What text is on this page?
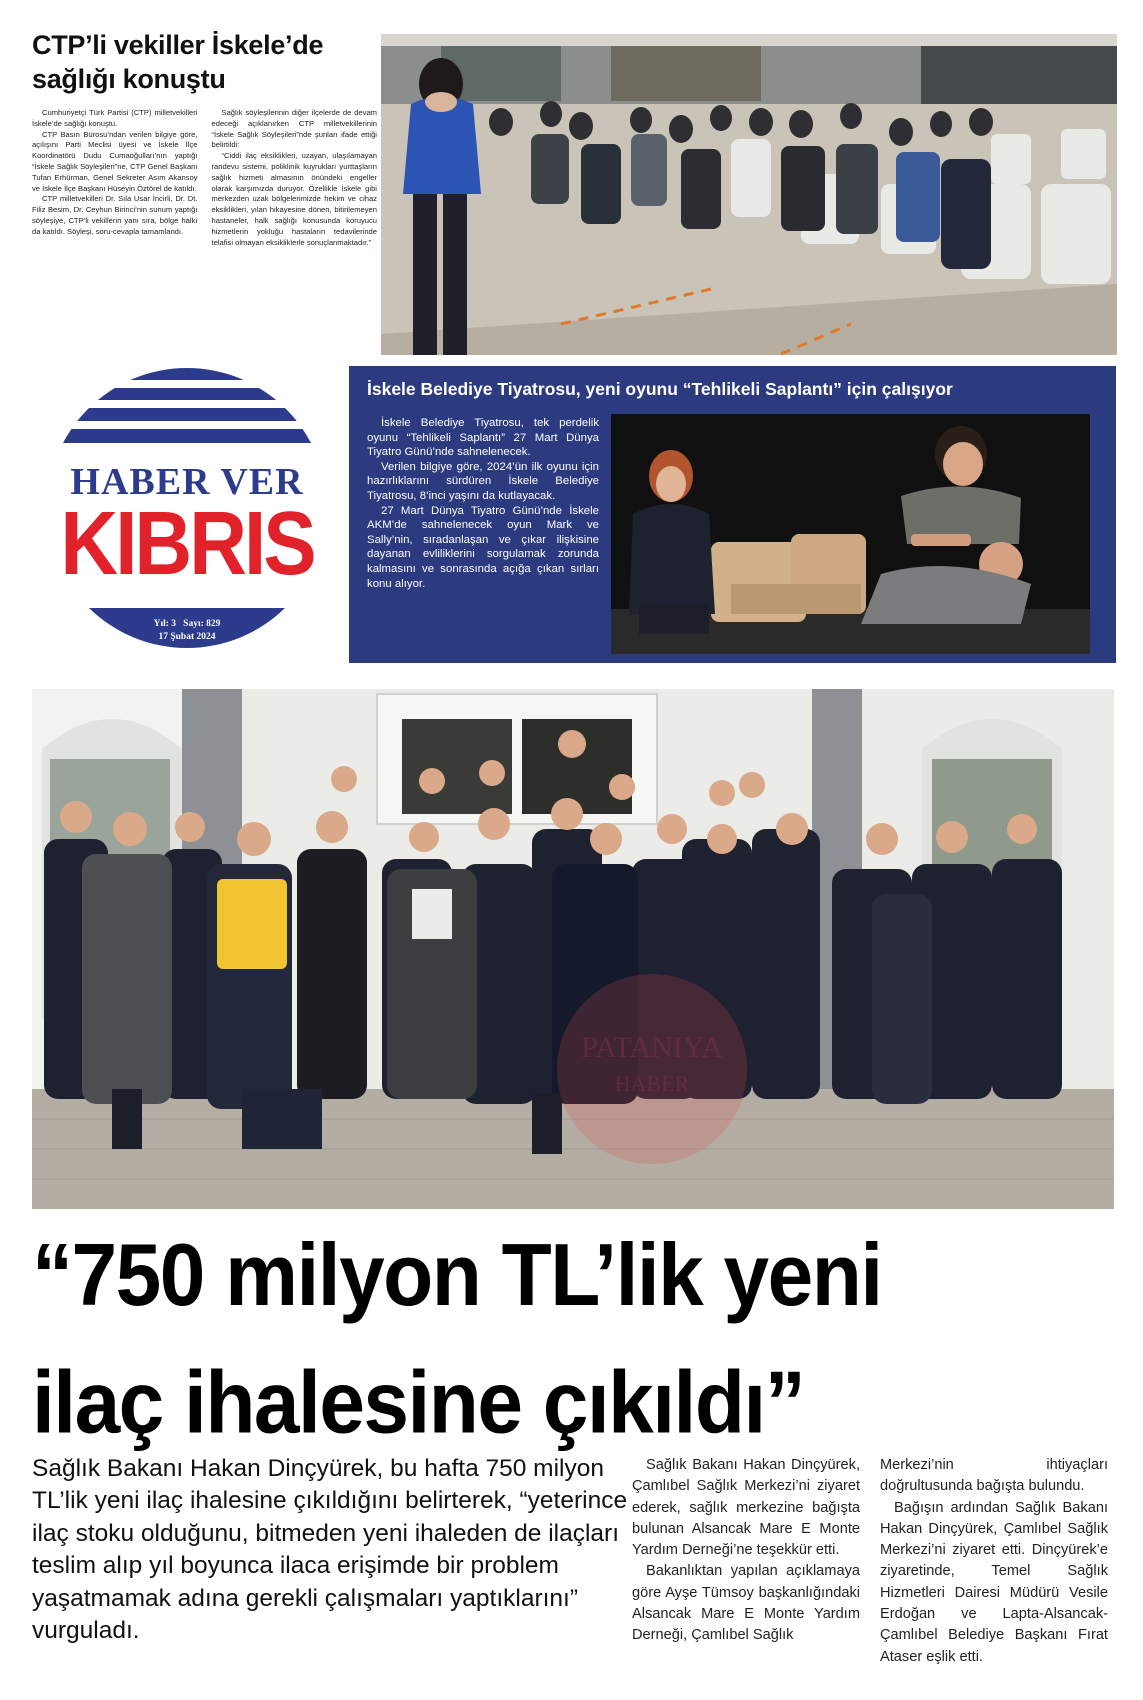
CTP’li vekiller İskele’de sağlığı konuştu

Cumhuriyetçi Türk Partisi (CTP) milletvekilleri İskele’de sağlığı konuştu.

CTP Basın Bürosu’ndan verilen bilgiye göre, açılışını Parti Meclisi üyesi ve İskele İlçe Koordinatörü Dudu Cumaoğulları’nın yaptığı “İskele Sağlık Söyleşileri”ne, CTP Genel Başkanı Tufan Erhürman, Genel Sekreter Asım Akansoy ve İskele İlçe Başkanı Hüseyin Öztörel de katıldı.

CTP milletvekilleri Dr. Sıla Usar İncirli, Dr. Dt. Filiz Besim, Dr. Ceyhun Birinci’nin sunum yaptığı söyleşiye, CTP’li vekillerin yanı sıra, bölge halkı da katıldı. Söyleşi, soru-cevapla tamamlandı.

Sağlık söyleşilerinin diğer ilçelerde de devam edeceği açıklanırken CTP milletvekillerinin “İskele Sağlık Söyleşileri”nde şunları ifade ettiği belirtildi:

“Ciddi ilaç eksiklikleri, uzayan, ulaşılamayan randevu sistemi, poliklinik kuyrukları yurttaşların sağlık hizmeti almasının önündeki engeller olarak karşımızda duruyor. Özellikle İskele gibi merkezden uzak bölgelerimizde hekim ve cihaz eksiklikleri, yılan hikayesine dönen, bitirilemeyen hastaneler, halk sağlığı konusunda koruyucu hizmetlerin yokluğu hastaların tedavilerinde telafisi olmayan eksikliklerle sonuçlanmaktadır.”

HABER VER
KIBRIS
Yıl: 3 Sayı: 829
17 Şubat 2024
İskele Belediye Tiyatrosu, yeni oyunu “Tehlikeli Saplantı” için çalışıyor

İskele Belediye Tiyatrosu, tek perdelik oyunu “Tehlikeli Saplantı” 27 Mart Dünya Tiyatro Günü’nde sahnelenecek.

Verilen bilgiye göre, 2024’ün ilk oyunu için hazırlıklarını sürdüren İskele Belediye Tiyatrosu, 8’inci yaşını da kutlayacak.

27 Mart Dünya Tiyatro Günü’nde İskele AKM’de sahnelenecek oyun Mark ve Sally’nin, sıradanlaşan ve çıkar ilişkisine dayanan evliliklerini sorgulamak zorunda kalmasını ve sonrasında açığa çıkan sırları konu alıyor.

PATANIYA
HABER
“750 milyon TL’lik yeni
ilaç ihalesine çıkıldı”

Sağlık Bakanı Hakan Dinçyürek, bu hafta 750 milyon TL’lik yeni ilaç ihalesine çıkıldığını belirterek, “yeterince ilaç stoku olduğunu, bitmeden yeni ihaleden de ilaçları teslim alıp yıl boyunca ilaca erişimde bir problem yaşatmamak adına gerekli çalışmaları yaptıklarını” vurguladı.

Sağlık Bakanı Hakan Dinçyürek, Çamlıbel Sağlık Merkezi’ni ziyaret ederek, sağlık merkezine bağışta bulunan Alsancak Mare E Monte Yardım Derneği’ne teşekkür etti.

Bakanlıktan yapılan açıklamaya göre Ayşe Tümsoy başkanlığındaki Alsancak Mare E Monte Yardım Derneği, Çamlıbel Sağlık

Merkezi’nin ihtiyaçları doğrultusunda bağışta bulundu.

Bağışın ardından Sağlık Bakanı Hakan Dinçyürek, Çamlıbel Sağlık Merkezi’ni ziyaret etti. Dinçyürek’e ziyaretinde, Temel Sağlık Hizmetleri Dairesi Müdürü Vesile Erdoğan ve Lapta-Alsancak-Çamlıbel Belediye Başkanı Fırat Ataser eşlik etti.
